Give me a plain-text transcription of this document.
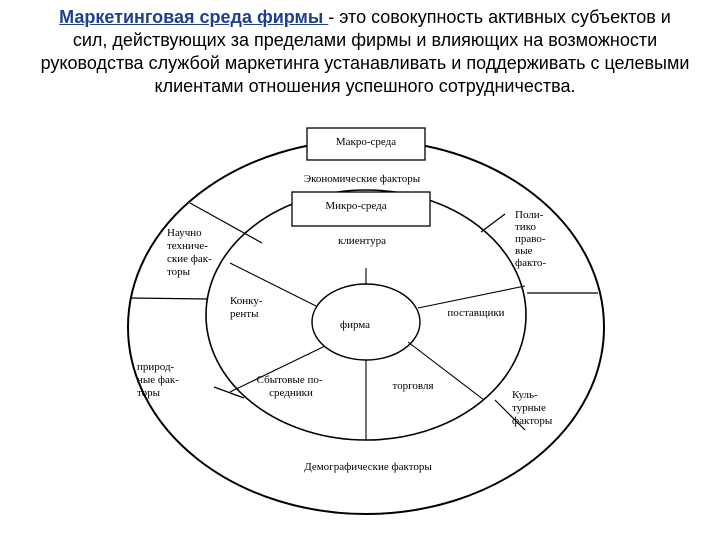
Маркетинговая среда фирмы - это совокупность активных субъектов и сил, действующих за пределами фирмы и влияющих на возможности руководства службой маркетинга устанавливать и поддерживать с целевыми клиентами отношения успешного сотрудничества.
Макро-среда
Микро-среда
фирма
Экономические факторы
Поли- тико право- вые факто-
Куль- турные факторы
Демографические факторы
природ- ные фак- торы
Научно техниче- ские фак- торы
клиентура
поставщики
торговля
Сбытовые по- средники
Конку- ренты
